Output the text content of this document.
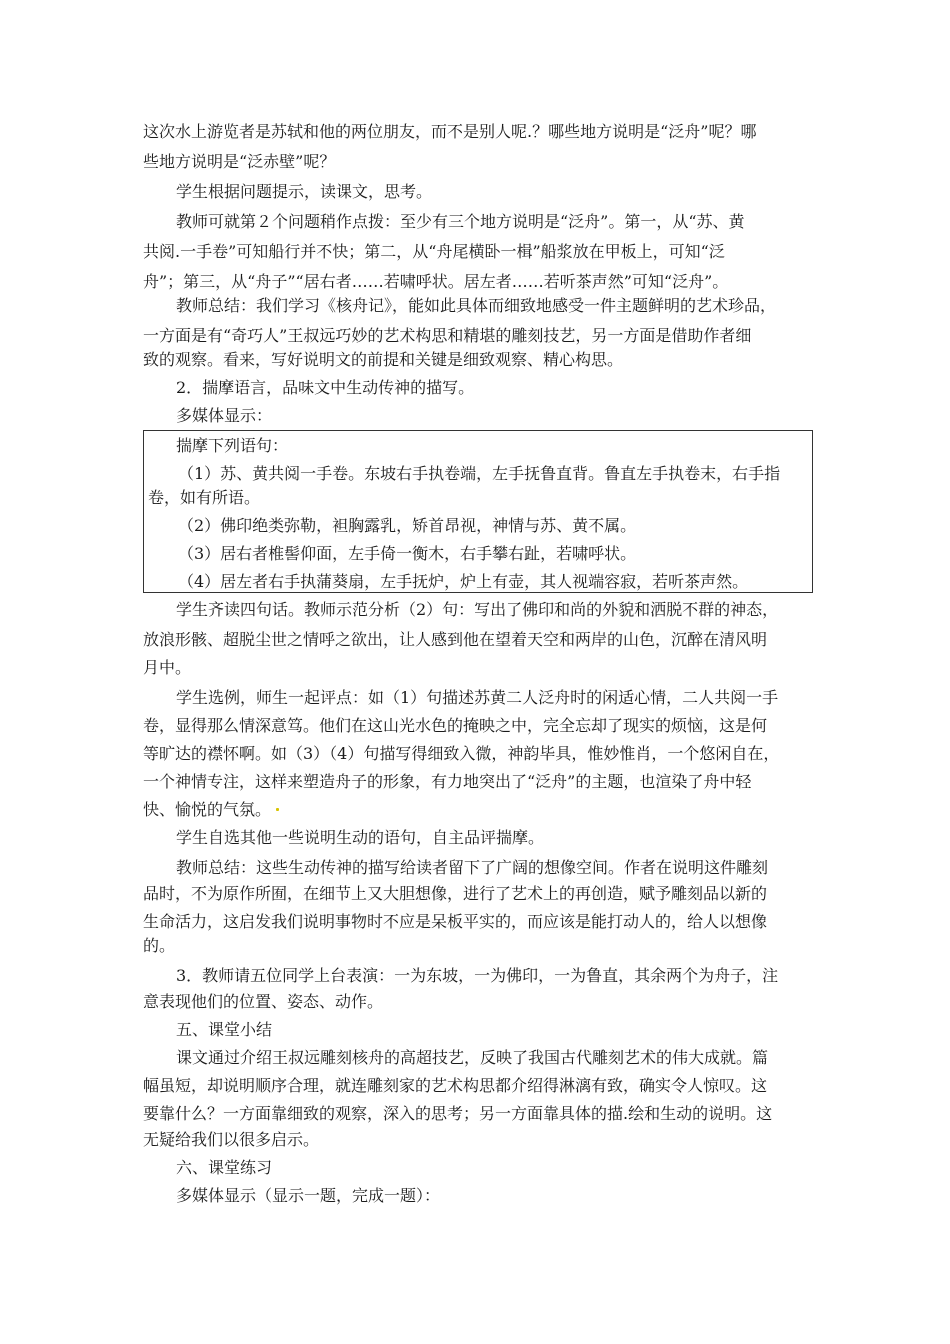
这次水上游览者是苏轼和他的两位朋友，而不是别人呢.？哪些地方说明是“泛舟”呢？哪
些地方说明是“泛赤壁”呢？
学生根据问题提示，读课文，思考。
教师可就第２个问题稍作点拨：至少有三个地方说明是“泛舟”。第一，从“苏、黄
共阅.一手卷”可知船行并不快；第二，从“舟尾横卧一楫”船浆放在甲板上，可知“泛
舟”；第三，从“舟子”“居右者……若啸呼状。居左者……若听茶声然”可知“泛舟”。
教师总结：我们学习《核舟记》，能如此具体而细致地感受一件主题鲜明的艺术珍品，
一方面是有“奇巧人”王叔远巧妙的艺术构思和精堪的雕刻技艺，另一方面是借助作者细
致的观察。看来，写好说明文的前提和关键是细致观察、精心构思。
2．揣摩语言，品味文中生动传神的描写。
多媒体显示：
揣摩下列语句：
（1）苏、黄共阅一手卷。东坡右手执卷端，左手抚鲁直背。鲁直左手执卷末，右手指
卷，如有所语。
（2）佛印绝类弥勒，袒胸露乳，矫首昂视，神情与苏、黄不属。
（3）居右者椎髻仰面，左手倚一衡木，右手攀右趾，若啸呼状。
（4）居左者右手执蒲葵扇，左手抚炉，炉上有壶，其人视端容寂，若听茶声然。
学生齐读四句话。教师示范分析（2）句：写出了佛印和尚的外貌和洒脱不群的神态，
放浪形骸、超脱尘世之情呼之欲出，让人感到他在望着天空和两岸的山色，沉醉在清风明
月中。
学生选例，师生一起评点：如（1）句描述苏黄二人泛舟时的闲适心情，二人共阅一手
卷，显得那么情深意笃。他们在这山光水色的掩映之中，完全忘却了现实的烦恼，这是何
等旷达的襟怀啊。如（3）（4）句描写得细致入微，神韵毕具，惟妙惟肖，一个悠闲自在，
一个神情专注，这样来塑造舟子的形象，有力地突出了“泛舟”的主题，也渲染了舟中轻
快、愉悦的气氛。
学生自选其他一些说明生动的语句，自主品评揣摩。
教师总结：这些生动传神的描写给读者留下了广阔的想像空间。作者在说明这件雕刻
品时，不为原作所囿，在细节上又大胆想像，进行了艺术上的再创造，赋予雕刻品以新的
生命活力，这启发我们说明事物时不应是呆板平实的，而应该是能打动人的，给人以想像
的。
3．教师请五位同学上台表演：一为东坡，一为佛印，一为鲁直，其余两个为舟子，注
意表现他们的位置、姿态、动作。
五、课堂小结
课文通过介绍王叔远雕刻核舟的高超技艺，反映了我国古代雕刻艺术的伟大成就。篇
幅虽短，却说明顺序合理，就连雕刻家的艺术构思都介绍得淋漓有致，确实令人惊叹。这
要靠什么？一方面靠细致的观察，深入的思考；另一方面靠具体的描.绘和生动的说明。这
无疑给我们以很多启示。
六、课堂练习
多媒体显示（显示一题，完成一题）：
